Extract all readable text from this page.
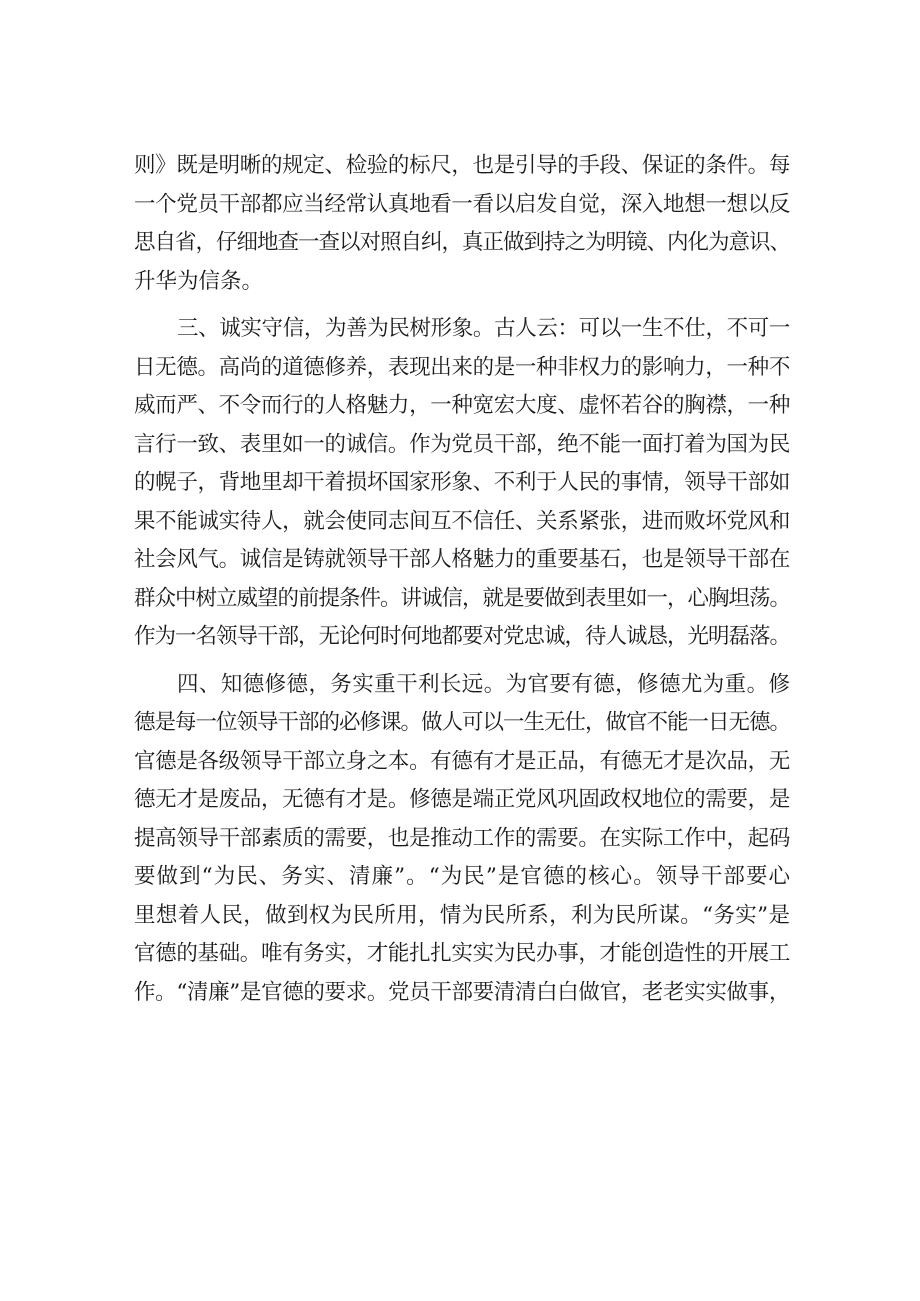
则》既是明晰的规定、检验的标尺，也是引导的手段、保证的条件。每
一个党员干部都应当经常认真地看一看以启发自觉，深入地想一想以反
思自省，仔细地查一查以对照自纠，真正做到持之为明镜、内化为意识、
升华为信条。

三、诚实守信，为善为民树形象。古人云：可以一生不仕，不可一
日无德。高尚的道德修养，表现出来的是一种非权力的影响力，一种不
威而严、不令而行的人格魅力，一种宽宏大度、虚怀若谷的胸襟，一种
言行一致、表里如一的诚信。作为党员干部，绝不能一面打着为国为民
的幌子，背地里却干着损坏国家形象、不利于人民的事情，领导干部如
果不能诚实待人，就会使同志间互不信任、关系紧张，进而败坏党风和
社会风气。诚信是铸就领导干部人格魅力的重要基石，也是领导干部在
群众中树立威望的前提条件。讲诚信，就是要做到表里如一，心胸坦荡。
作为一名领导干部，无论何时何地都要对党忠诚，待人诚恳，光明磊落。

四、知德修德，务实重干利长远。为官要有德，修德尤为重。修
德是每一位领导干部的必修课。做人可以一生无仕，做官不能一日无德。
官德是各级领导干部立身之本。有德有才是正品，有德无才是次品，无
德无才是废品，无德有才是。修德是端正党风巩固政权地位的需要，是
提高领导干部素质的需要，也是推动工作的需要。在实际工作中，起码
要做到“为民、务实、清廉”。“为民”是官德的核心。领导干部要心
里想着人民，做到权为民所用，情为民所系，利为民所谋。“务实”是
官德的基础。唯有务实，才能扎扎实实为民办事，才能创造性的开展工
作。“清廉”是官德的要求。党员干部要清清白白做官，老老实实做事，
